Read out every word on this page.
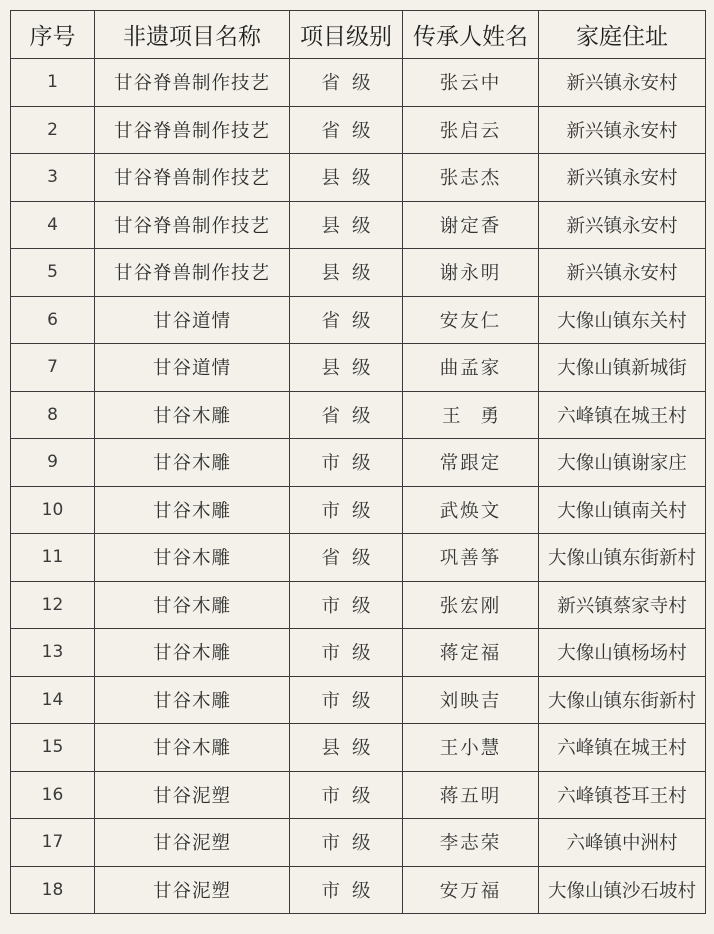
序号	非遗项目名称	项目级别	传承人姓名	家庭住址
1	甘谷脊兽制作技艺	省级	张云中	新兴镇永安村
2	甘谷脊兽制作技艺	省级	张启云	新兴镇永安村
3	甘谷脊兽制作技艺	县级	张志杰	新兴镇永安村
4	甘谷脊兽制作技艺	县级	谢定香	新兴镇永安村
5	甘谷脊兽制作技艺	县级	谢永明	新兴镇永安村
6	甘谷道情	省级	安友仁	大像山镇东关村
7	甘谷道情	县级	曲孟家	大像山镇新城街
8	甘谷木雕	省级	王勇	六峰镇在城王村
9	甘谷木雕	市级	常跟定	大像山镇谢家庄
10	甘谷木雕	市级	武焕文	大像山镇南关村
11	甘谷木雕	省级	巩善筝	大像山镇东街新村
12	甘谷木雕	市级	张宏刚	新兴镇蔡家寺村
13	甘谷木雕	市级	蒋定福	大像山镇杨场村
14	甘谷木雕	市级	刘映吉	大像山镇东街新村
15	甘谷木雕	县级	王小慧	六峰镇在城王村
16	甘谷泥塑	市级	蒋五明	六峰镇苍耳王村
17	甘谷泥塑	市级	李志荣	六峰镇中洲村
18	甘谷泥塑	市级	安万福	大像山镇沙石坡村
